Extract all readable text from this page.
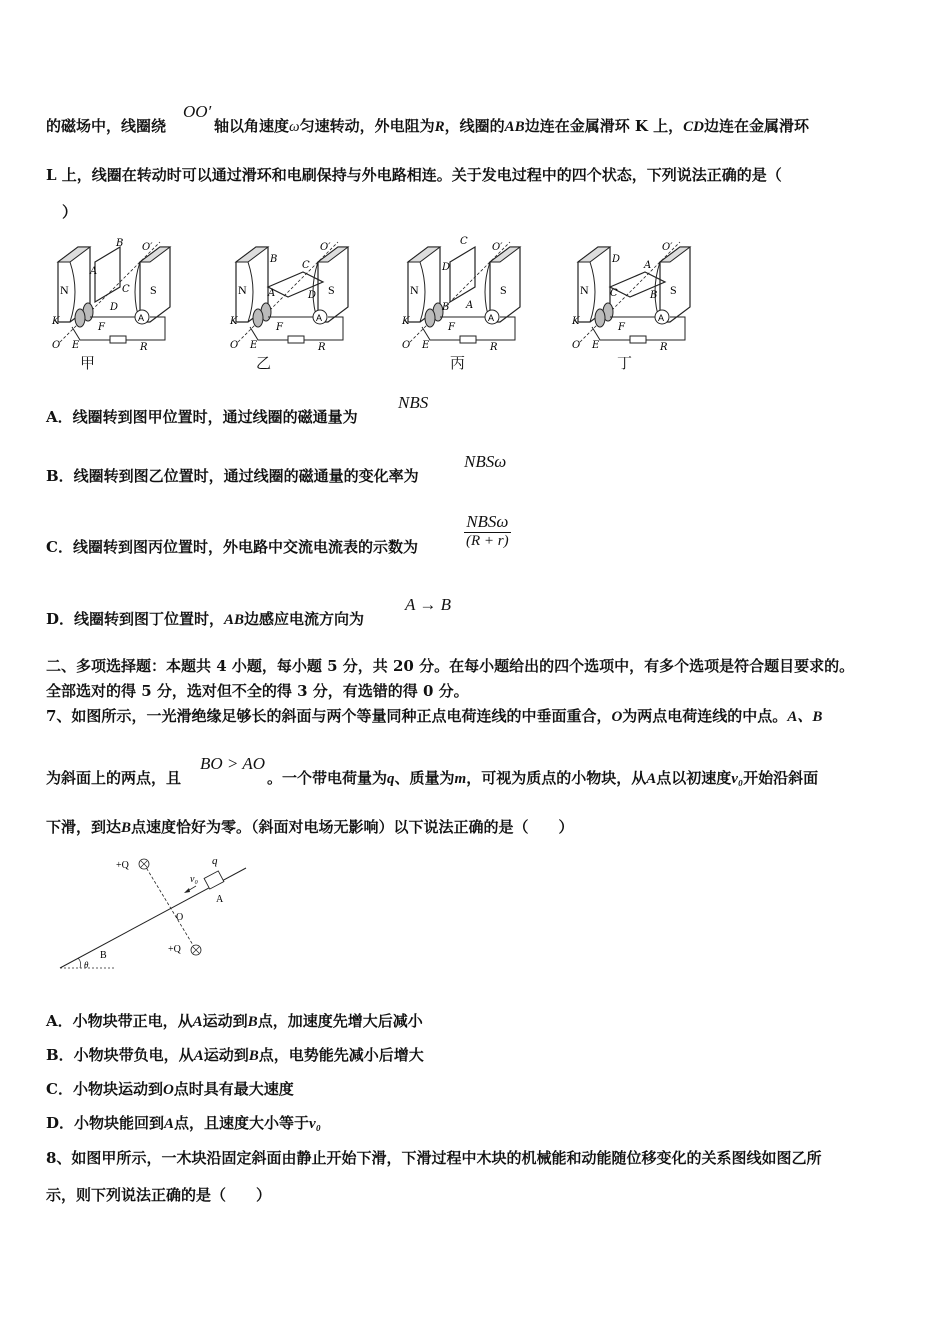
的磁场中，线圈绕	轴以角速度ω匀速转动，外电阻为R，线圈的AB边连在金属滑环 K 上，CD边连在金属滑环
OO′
L 上，线圈在转动时可以通过滑环和电刷保持与外电路相连。关于发电过程中的四个状态，下列说法正确的是（
）
B
A
C
D
B
C
A	D
C
D
A
B
D
A
C	B
甲	乙	丙	丁
A．线圈转到图甲位置时，通过线圈的磁通量为
NBS
B．线圈转到图乙位置时，通过线圈的磁通量的变化率为
NBSω
C．线圈转到图丙位置时，外电路中交流电流表的示数为
NBSω
(R + r)
D．线圈转到图丁位置时，AB边感应电流方向为
A → B
二、多项选择题：本题共 4 小题，每小题 5 分，共 20 分。在每小题给出的四个选项中，有多个选项是符合题目要求的。
全部选对的得 5 分，选对但不全的得 3 分，有选错的得 0 分。
7、如图所示，一光滑绝缘足够长的斜面与两个等量同种正点电荷连线的中垂面重合，O为两点电荷连线的中点。A、B
为斜面上的两点，且	。一个带电荷量为q、质量为m，可视为质点的小物块，从A点以初速度v₀开始沿斜面
BO > AO
下滑，到达B点速度恰好为零。（斜面对电场无影响）以下说法正确的是（　　）
+Q
+Q
q
v₀
A
O
B
θ
A．小物块带正电，从A运动到B点，加速度先增大后减小
B．小物块带负电，从A运动到B点，电势能先减小后增大
C．小物块运动到O点时具有最大速度
D．小物块能回到A点，且速度大小等于v₀
8、如图甲所示，一木块沿固定斜面由静止开始下滑，下滑过程中木块的机械能和动能随位移变化的关系图线如图乙所
示，则下列说法正确的是（　　）
